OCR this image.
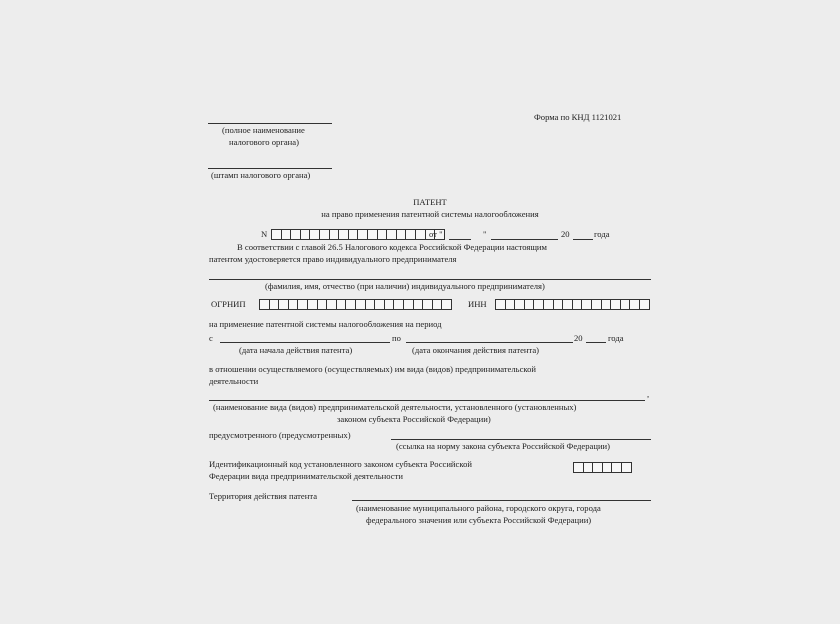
Форма по КНД 1121021
(полное наименование
налогового органа)
(штамп налогового органа)
ПАТЕНТ
на право применения патентной системы налогообложения
N	от "	"	20	года
В соответствии с главой 26.5 Налогового кодекса Российской Федерации настоящим
патентом удостоверяется право индивидуального предпринимателя
(фамилия, имя, отчество (при наличии) индивидуального предпринимателя)
ОГРНИП	ИНН
на применение патентной системы налогообложения на период
с	по	20	года
(дата начала действия патента)	(дата окончания действия патента)
в отношении осуществляемого (осуществляемых) им вида (видов) предпринимательской
деятельности
,
(наименование вида (видов) предпринимательской деятельности, установленного (установленных)
законом субъекта Российской Федерации)
предусмотренного (предусмотренных)
(ссылка на норму закона субъекта Российской Федерации)
Идентификационный код установленного законом субъекта Российской
Федерации вида предпринимательской деятельности
Территория действия патента
(наименование муниципального района, городского округа, города
федерального значения или субъекта Российской Федерации)
